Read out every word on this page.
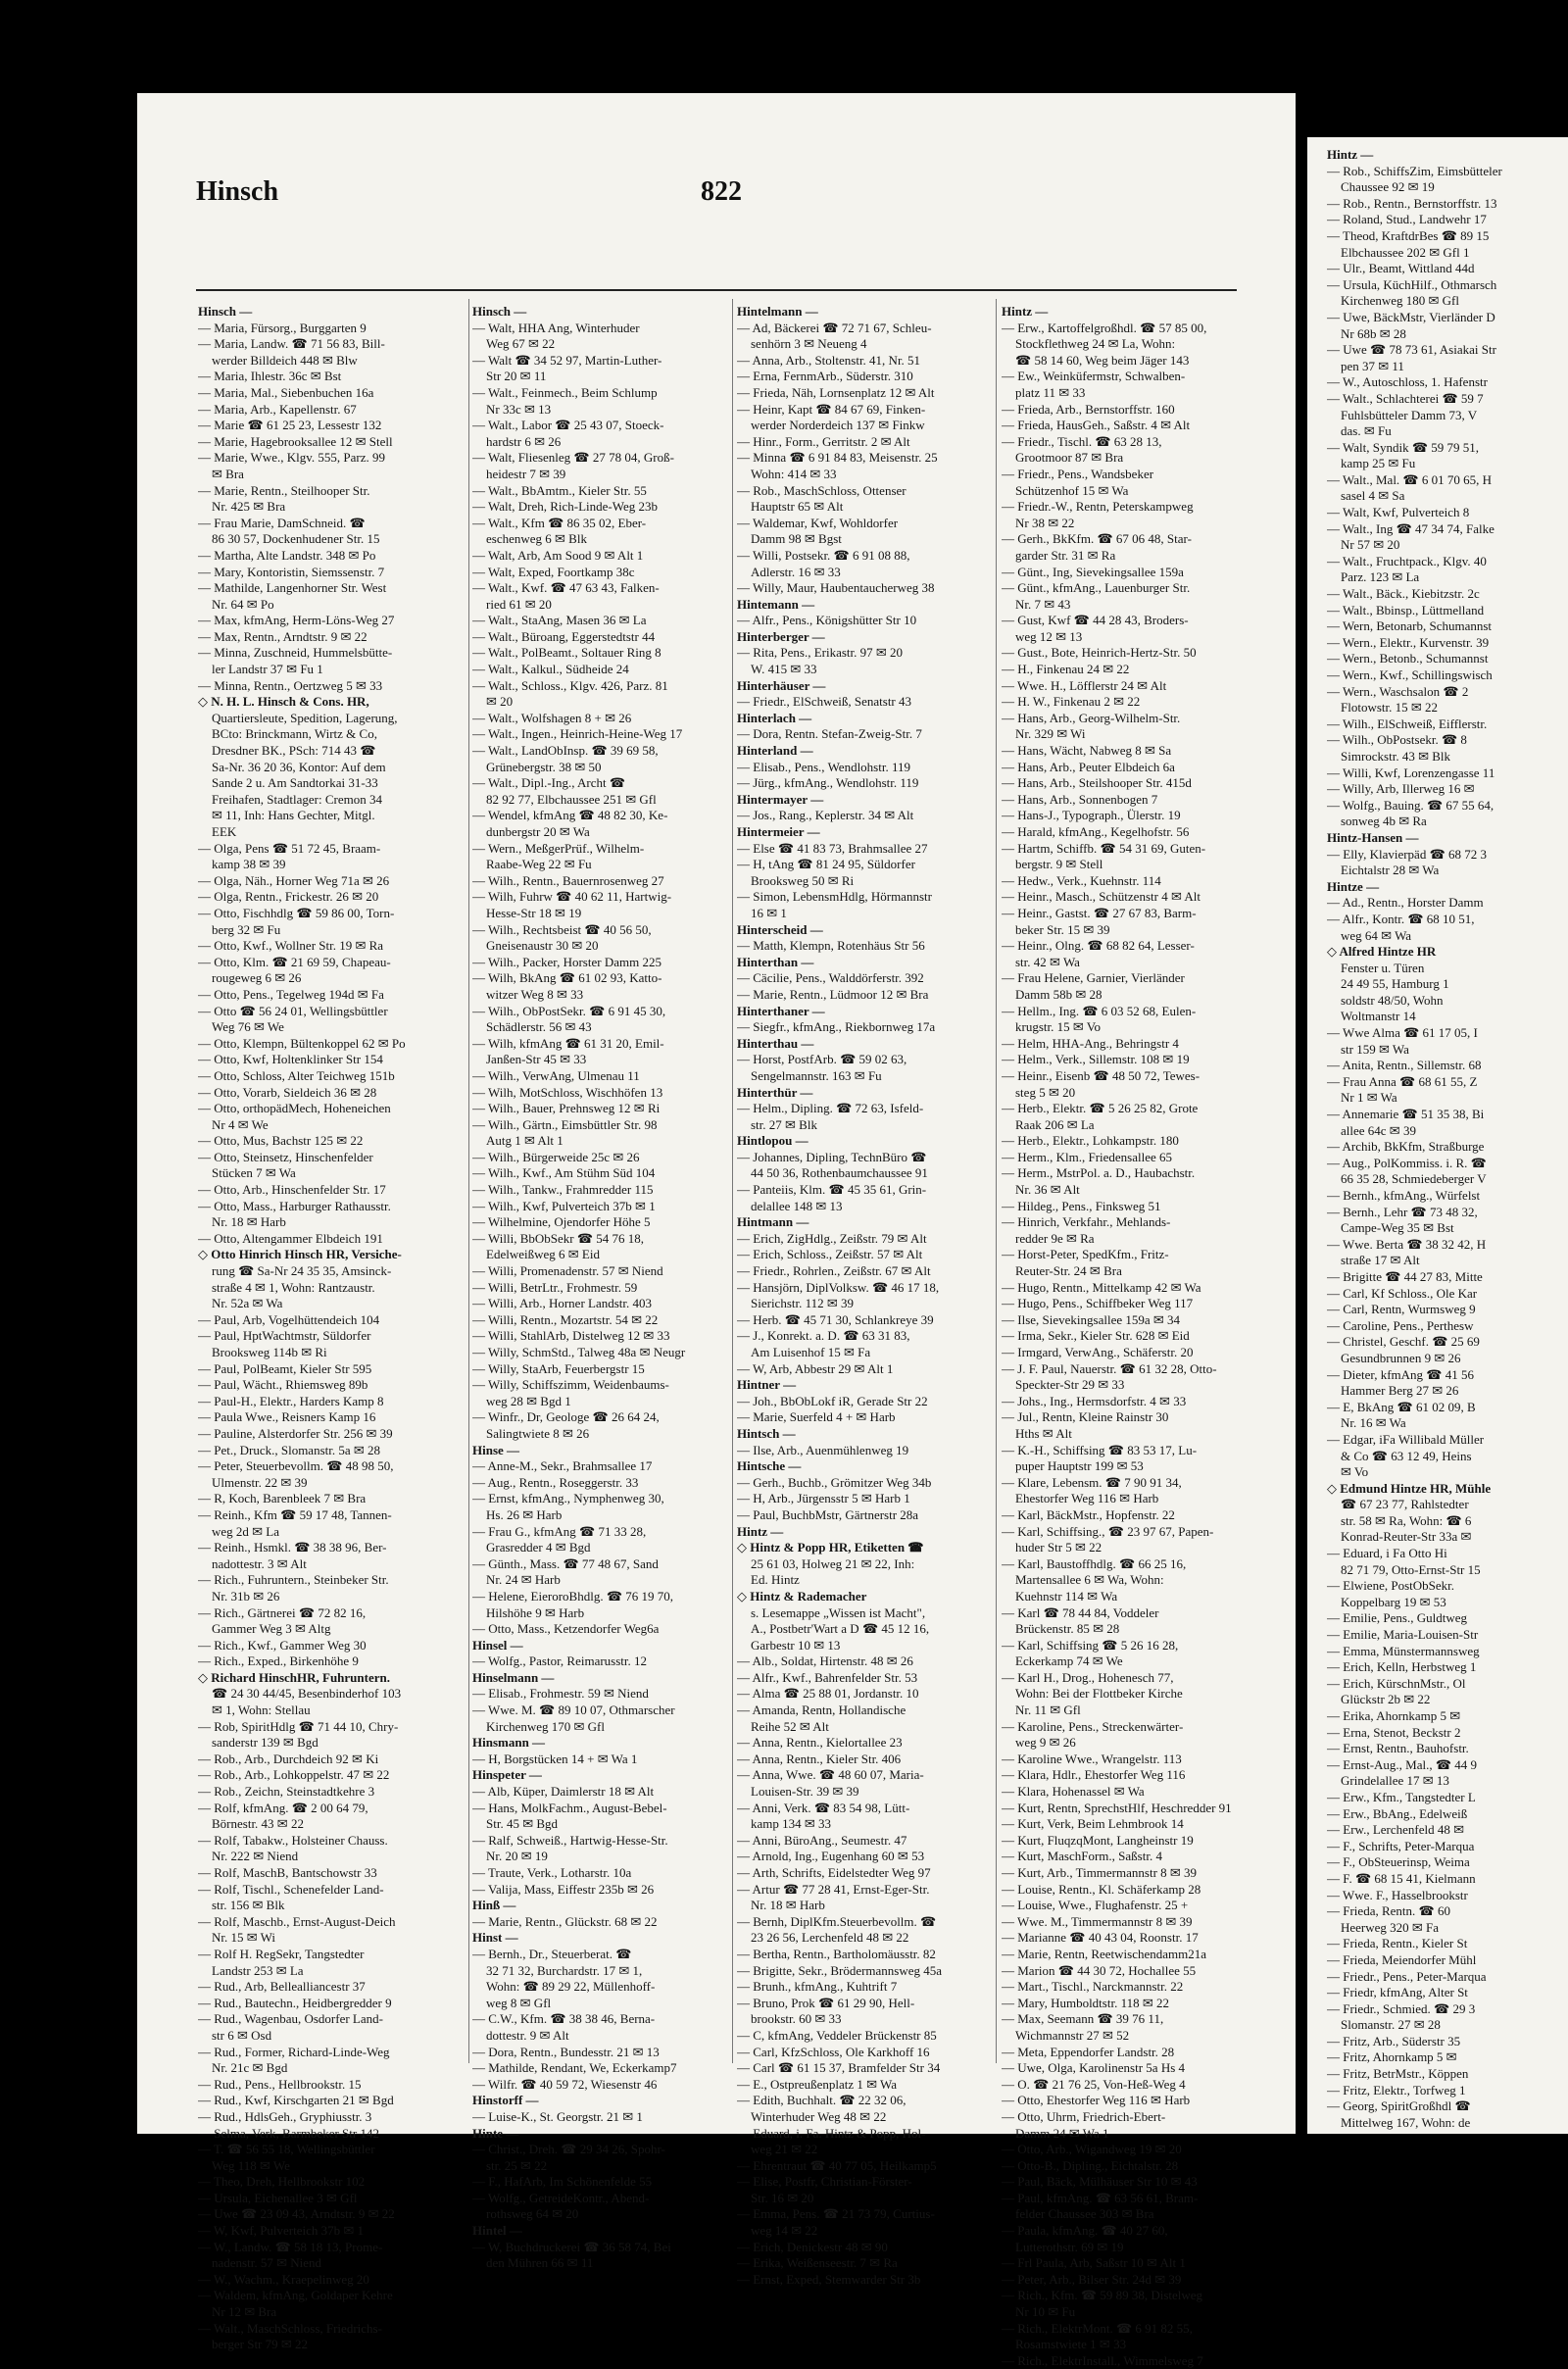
Hinsch	822
Hinsch —
— Maria, Fürsorg., Burggarten 9
— Maria, Landw. ☎ 71 56 83, Bill-
werder Billdeich 448 ✉ Blw
— Maria, Ihlestr. 36c ✉ Bst
— Maria, Mal., Siebenbuchen 16a
— Maria, Arb., Kapellenstr. 67
— Marie ☎ 61 25 23, Lessestr 132
— Marie, Hagebrooksallee 12 ✉ Stell
— Marie, Wwe., Klgv. 555, Parz. 99
✉ Bra
— Marie, Rentn., Steilhooper Str.
Nr. 425 ✉ Bra
— Frau Marie, DamSchneid. ☎
86 30 57, Dockenhudener Str. 15
— Martha, Alte Landstr. 348 ✉ Po
— Mary, Kontoristin, Siemssenstr. 7
— Mathilde, Langenhorner Str. West
Nr. 64 ✉ Po
— Max, kfmAng, Herm-Löns-Weg 27
— Max, Rentn., Arndtstr. 9 ✉ 22
— Minna, Zuschneid, Hummelsbütte-
ler Landstr 37 ✉ Fu 1
— Minna, Rentn., Oertzweg 5 ✉ 33
◇ N. H. L. Hinsch & Cons. HR,
Quartiersleute, Spedition, Lagerung,
BCto: Brinckmann, Wirtz & Co,
Dresdner BK., PSch: 714 43 ☎
Sa-Nr. 36 20 36, Kontor: Auf dem
Sande 2 u. Am Sandtorkai 31-33
Freihafen, Stadtlager: Cremon 34
✉ 11, Inh: Hans Gechter, Mitgl.
EEK
— Olga, Pens ☎ 51 72 45, Braam-
kamp 38 ✉ 39
— Olga, Näh., Horner Weg 71a ✉ 26
— Olga, Rentn., Frickestr. 26 ✉ 20
— Otto, Fischhdlg ☎ 59 86 00, Torn-
berg 32 ✉ Fu
— Otto, Kwf., Wollner Str. 19 ✉ Ra
— Otto, Klm. ☎ 21 69 59, Chapeau-
rougeweg 6 ✉ 26
— Otto, Pens., Tegelweg 194d ✉ Fa
— Otto ☎ 56 24 01, Wellingsbüttler
Weg 76 ✉ We
— Otto, Klempn, Bültenkoppel 62 ✉ Po
— Otto, Kwf, Holtenklinker Str 154
— Otto, Schloss, Alter Teichweg 151b
— Otto, Vorarb, Sieldeich 36 ✉ 28
— Otto, orthopädMech, Hoheneichen
Nr 4 ✉ We
— Otto, Mus, Bachstr 125 ✉ 22
— Otto, Steinsetz, Hinschenfelder
Stücken 7 ✉ Wa
— Otto, Arb., Hinschenfelder Str. 17
— Otto, Mass., Harburger Rathausstr.
Nr. 18 ✉ Harb
— Otto, Altengammer Elbdeich 191
◇ Otto Hinrich Hinsch HR, Versiche-
rung ☎ Sa-Nr 24 35 35, Amsinck-
straße 4 ✉ 1, Wohn: Rantzaustr.
Nr. 52a ✉ Wa
— Paul, Arb, Vogelhüttendeich 104
— Paul, HptWachtmstr, Süldorfer
Brooksweg 114b ✉ Ri
— Paul, PolBeamt, Kieler Str 595
— Paul, Wächt., Rhiemsweg 89b
— Paul-H., Elektr., Harders Kamp 8
— Paula Wwe., Reisners Kamp 16
— Pauline, Alsterdorfer Str. 256 ✉ 39
— Pet., Druck., Slomanstr. 5a ✉ 28
— Peter, Steuerbevollm. ☎ 48 98 50,
Ulmenstr. 22 ✉ 39
— R, Koch, Barenbleek 7 ✉ Bra
— Reinh., Kfm ☎ 59 17 48, Tannen-
weg 2d ✉ La
— Reinh., Hsmkl. ☎ 38 38 96, Ber-
nadottestr. 3 ✉ Alt
— Rich., Fuhruntern., Steinbeker Str.
Nr. 31b ✉ 26
— Rich., Gärtnerei ☎ 72 82 16,
Gammer Weg 3 ✉ Altg
— Rich., Kwf., Gammer Weg 30
— Rich., Exped., Birkenhöhe 9
◇ Richard HinschHR, Fuhruntern.
☎ 24 30 44/45, Besenbinderhof 103
✉ 1, Wohn: Stellau
— Rob, SpiritHdlg ☎ 71 44 10, Chry-
sanderstr 139 ✉ Bgd
— Rob., Arb., Durchdeich 92 ✉ Ki
— Rob., Arb., Lohkoppelstr. 47 ✉ 22
— Rob., Zeichn, Steinstadtkehre 3
— Rolf, kfmAng. ☎ 2 00 64 79,
Börnestr. 43 ✉ 22
— Rolf, Tabakw., Holsteiner Chauss.
Nr. 222 ✉ Niend
— Rolf, MaschB, Bantschowstr 33
— Rolf, Tischl., Schenefelder Land-
str. 156 ✉ Blk
— Rolf, Maschb., Ernst-August-Deich
Nr. 15 ✉ Wi
— Rolf H. RegSekr, Tangstedter
Landstr 253 ✉ La
— Rud., Arb, Bellealliancestr 37
— Rud., Bautechn., Heidbergredder 9
— Rud., Wagenbau, Osdorfer Land-
str 6 ✉ Osd
— Rud., Former, Richard-Linde-Weg
Nr. 21c ✉ Bgd
— Rud., Pens., Hellbrookstr. 15
— Rud., Kwf, Kirschgarten 21 ✉ Bgd
— Rud., HdlsGeh., Gryphiusstr. 3
— Selma, Verk, Barmbeker Str 142
— T. ☎ 56 55 18, Wellingsbüttler
Weg 118 ✉ We
— Theo, Dreh, Hellbrookstr 102
— Ursula, Eichenallee 3 ✉ Gfl
— Uwe ☎ 23 09 43, Arndtstr. 9 ✉ 22
— W, Kwf, Pulverteich 37b ✉ 1
— W., Landw. ☎ 58 18 13, Prome-
nadenstr. 57 ✉ Niend
— W., Wachm., Kraepelinweg 20
— Waldem, kfmAng, Goldaper Kehre
Nr 12 ✉ Bra
— Walt., MaschSchloss, Friedrichs-
berger Str 79 ✉ 22
Hinsch —
— Walt, HHA Ang, Winterhuder
Weg 67 ✉ 22
— Walt ☎ 34 52 97, Martin-Luther-
Str 20 ✉ 11
— Walt., Feinmech., Beim Schlump
Nr 33c ✉ 13
— Walt., Labor ☎ 25 43 07, Stoeck-
hardstr 6 ✉ 26
— Walt, Fliesenleg ☎ 27 78 04, Groß-
heidestr 7 ✉ 39
— Walt., BbAmtm., Kieler Str. 55
— Walt, Dreh, Rich-Linde-Weg 23b
— Walt., Kfm ☎ 86 35 02, Eber-
eschenweg 6 ✉ Blk
— Walt, Arb, Am Sood 9 ✉ Alt 1
— Walt, Exped, Foortkamp 38c
— Walt., Kwf. ☎ 47 63 43, Falken-
ried 61 ✉ 20
— Walt., StaAng, Masen 36 ✉ La
— Walt., Büroang, Eggerstedtstr 44
— Walt., PolBeamt., Soltauer Ring 8
— Walt., Kalkul., Südheide 24
— Walt., Schloss., Klgv. 426, Parz. 81
✉ 20
— Walt., Wolfshagen 8 + ✉ 26
— Walt., Ingen., Heinrich-Heine-Weg 17
— Walt., LandObInsp. ☎ 39 69 58,
Grünebergstr. 38 ✉ 50
— Walt., Dipl.-Ing., Archt ☎
82 92 77, Elbchaussee 251 ✉ Gfl
— Wendel, kfmAng ☎ 48 82 30, Ke-
dunbergstr 20 ✉ Wa
— Wern., MeßgerPrüf., Wilhelm-
Raabe-Weg 22 ✉ Fu
— Wilh., Rentn., Bauernrosenweg 27
— Wilh, Fuhrw ☎ 40 62 11, Hartwig-
Hesse-Str 18 ✉ 19
— Wilh., Rechtsbeist ☎ 40 56 50,
Gneisenaustr 30 ✉ 20
— Wilh., Packer, Horster Damm 225
— Wilh, BkAng ☎ 61 02 93, Katto-
witzer Weg 8 ✉ 33
— Wilh., ObPostSekr. ☎ 6 91 45 30,
Schädlerstr. 56 ✉ 43
— Wilh, kfmAng ☎ 61 31 20, Emil-
Janßen-Str 45 ✉ 33
— Wilh., VerwAng, Ulmenau 11
— Wilh, MotSchloss, Wischhöfen 13
— Wilh., Bauer, Prehnsweg 12 ✉ Ri
— Wilh., Gärtn., Eimsbüttler Str. 98
Autg 1 ✉ Alt 1
— Wilh., Bürgerweide 25c ✉ 26
— Wilh., Kwf., Am Stühm Süd 104
— Wilh., Tankw., Frahmredder 115
— Wilh., Kwf, Pulverteich 37b ✉ 1
— Wilhelmine, Ojendorfer Höhe 5
— Willi, BbObSekr ☎ 54 76 18,
Edelweißweg 6 ✉ Eid
— Willi, Promenadenstr. 57 ✉ Niend
— Willi, BetrLtr., Frohmestr. 59
— Willi, Arb., Horner Landstr. 403
— Willi, Rentn., Mozartstr. 54 ✉ 22
— Willi, StahlArb, Distelweg 12 ✉ 33
— Willy, SchmStd., Talweg 48a ✉ Neugr
— Willy, StaArb, Feuerbergstr 15
— Willy, Schiffszimm, Weidenbaums-
weg 28 ✉ Bgd 1
— Winfr., Dr, Geologe ☎ 26 64 24,
Salingtwiete 8 ✉ 26
Hinse —
— Anne-M., Sekr., Brahmsallee 17
— Aug., Rentn., Roseggerstr. 33
— Ernst, kfmAng., Nymphenweg 30,
Hs. 26 ✉ Harb
— Frau G., kfmAng ☎ 71 33 28,
Grasredder 4 ✉ Bgd
— Günth., Mass. ☎ 77 48 67, Sand
Nr. 24 ✉ Harb
— Helene, EieroroBhdlg. ☎ 76 19 70,
Hilshöhe 9 ✉ Harb
— Otto, Mass., Ketzendorfer Weg6a
Hinsel —
— Wolfg., Pastor, Reimarusstr. 12
Hinselmann —
— Elisab., Frohmestr. 59 ✉ Niend
— Wwe. M. ☎ 89 10 07, Othmarscher
Kirchenweg 170 ✉ Gfl
Hinsmann —
— H, Borgstücken 14 + ✉ Wa 1
Hinspeter —
— Alb, Küper, Daimlerstr 18 ✉ Alt
— Hans, MolkFachm., August-Bebel-
Str. 45 ✉ Bgd
— Ralf, Schweiß., Hartwig-Hesse-Str.
Nr. 20 ✉ 19
— Traute, Verk., Lotharstr. 10a
— Valija, Mass, Eiffestr 235b ✉ 26
Hinß —
— Marie, Rentn., Glückstr. 68 ✉ 22
Hinst —
— Bernh., Dr., Steuerberat. ☎
32 71 32, Burchardstr. 17 ✉ 1,
Wohn: ☎ 89 29 22, Müllenhoff-
weg 8 ✉ Gfl
— C.W., Kfm. ☎ 38 38 46, Berna-
dottestr. 9 ✉ Alt
— Dora, Rentn., Bundesstr. 21 ✉ 13
— Mathilde, Rendant, We, Eckerkamp7
— Wilfr. ☎ 40 59 72, Wiesenstr 46
Hinstorff —
— Luise-K., St. Georgstr. 21 ✉ 1
Hinte —
— Christ., Dreh. ☎ 29 34 26, Spohr-
str. 25 ✉ 22
— F., HafArb, Im Schönenfelde 55
— Wolfg., GetreideKontr., Abend-
rothsweg 64 ✉ 20
Hintel —
— W, Buchdruckerei ☎ 36 58 74, Bei
den Mühren 66 ✉ 11
Hintelmann —
— Ad, Bäckerei ☎ 72 71 67, Schleu-
senhörn 3 ✉ Neueng 4
— Anna, Arb., Stoltenstr. 41, Nr. 51
— Erna, FernmArb., Süderstr. 310
— Frieda, Näh, Lornsenplatz 12 ✉ Alt
— Heinr, Kapt ☎ 84 67 69, Finken-
werder Norderdeich 137 ✉ Finkw
— Hinr., Form., Gerritstr. 2 ✉ Alt
— Minna ☎ 6 91 84 83, Meisenstr. 25
Wohn: 414 ✉ 33
— Rob., MaschSchloss, Ottenser
Hauptstr 65 ✉ Alt
— Waldemar, Kwf, Wohldorfer
Damm 98 ✉ Bgst
— Willi, Postsekr. ☎ 6 91 08 88,
Adlerstr. 16 ✉ 33
— Willy, Maur, Haubentaucherweg 38
Hintemann —
— Alfr., Pens., Königshütter Str 10
Hinterberger —
— Rita, Pens., Erikastr. 97 ✉ 20
W. 415 ✉ 33
Hinterhäuser —
— Friedr., ElSchweiß, Senatstr 43
Hinterlach —
— Dora, Rentn. Stefan-Zweig-Str. 7
Hinterland —
— Elisab., Pens., Wendlohstr. 119
— Jürg., kfmAng., Wendlohstr. 119
Hintermayer —
— Jos., Rang., Keplerstr. 34 ✉ Alt
Hintermeier —
— Else ☎ 41 83 73, Brahmsallee 27
— H, tAng ☎ 81 24 95, Süldorfer
Brooksweg 50 ✉ Ri
— Simon, LebensmHdlg, Hörmannstr
16 ✉ 1
Hinterscheid —
— Matth, Klempn, Rotenhäus Str 56
Hinterthan —
— Cäcilie, Pens., Walddörferstr. 392
— Marie, Rentn., Lüdmoor 12 ✉ Bra
Hinterthaner —
— Siegfr., kfmAng., Riekbornweg 17a
Hinterthau —
— Horst, PostfArb. ☎ 59 02 63,
Sengelmannstr. 163 ✉ Fu
Hinterthür —
— Helm., Dipling. ☎ 72 63, Isfeld-
str. 27 ✉ Blk
Hintlopou —
— Johannes, Dipling, TechnBüro ☎
44 50 36, Rothenbaumchaussee 91
— Panteiis, Klm. ☎ 45 35 61, Grin-
delallee 148 ✉ 13
Hintmann —
— Erich, ZigHdlg., Zeißstr. 79 ✉ Alt
— Erich, Schloss., Zeißstr. 57 ✉ Alt
— Friedr., Rohrlen., Zeißstr. 67 ✉ Alt
— Hansjörn, DiplVolksw. ☎ 46 17 18,
Sierichstr. 112 ✉ 39
— Herb. ☎ 45 71 30, Schlankreye 39
— J., Konrekt. a. D. ☎ 63 31 83,
Am Luisenhof 15 ✉ Fa
— W, Arb, Abbestr 29 ✉ Alt 1
Hintner —
— Joh., BbObLokf iR, Gerade Str 22
— Marie, Suerfeld 4 + ✉ Harb
Hintsch —
— Ilse, Arb., Auenmühlenweg 19
Hintsche —
— Gerh., Buchb., Grömitzer Weg 34b
— H, Arb., Jürgensstr 5 ✉ Harb 1
— Paul, BuchbMstr, Gärtnerstr 28a
Hintz —
◇ Hintz & Popp HR, Etiketten ☎
25 61 03, Holweg 21 ✉ 22, Inh:
Ed. Hintz
◇ Hintz & Rademacher
s. Lesemappe „Wissen ist Macht",
A., Postbetr'Wart a D ☎ 45 12 16,
Garbestr 10 ✉ 13
— Alb., Soldat, Hirtenstr. 48 ✉ 26
— Alfr., Kwf., Bahrenfelder Str. 53
— Alma ☎ 25 88 01, Jordanstr. 10
— Amanda, Rentn, Hollandische
Reihe 52 ✉ Alt
— Anna, Rentn., Kielortallee 23
— Anna, Rentn., Kieler Str. 406
— Anna, Wwe. ☎ 48 60 07, Maria-
Louisen-Str. 39 ✉ 39
— Anni, Verk. ☎ 83 54 98, Lütt-
kamp 134 ✉ 33
— Anni, BüroAng., Seumestr. 47
— Arnold, Ing., Eugenhang 60 ✉ 53
— Arth, Schrifts, Eidelstedter Weg 97
— Artur ☎ 77 28 41, Ernst-Eger-Str.
Nr. 18 ✉ Harb
— Bernh, DiplKfm.Steuerbevollm. ☎
23 26 56, Lerchenfeld 48 ✉ 22
— Bertha, Rentn., Bartholomäusstr. 82
— Brigitte, Sekr., Brödermannsweg 45a
— Brunh., kfmAng., Kuhtrift 7
— Bruno, Prok ☎ 61 29 90, Hell-
brookstr. 60 ✉ 33
— C, kfmAng, Veddeler Brückenstr 85
— Carl, KfzSchloss, Ole Karkhoff 16
— Carl ☎ 61 15 37, Bramfelder Str 34
— E., Ostpreußenplatz 1 ✉ Wa
— Edith, Buchhalt. ☎ 22 32 06,
Winterhuder Weg 48 ✉ 22
— Eduard, i. Fa. Hintz & Popp, Hol-
weg 21 ✉ 22
— Ehrentraut ☎ 40 77 05, Heilkamp5
— Elise, Postfr, Christian-Förster-
Str. 16 ✉ 20
— Emma, Pens. ☎ 21 73 79, Curtius-
weg 14 ✉ 22
— Erich, Denickestr 48 ✉ 90
— Erika, Weißenseestr. 7 ✉ Ra
— Ernst, Exped, Stemwarder Str 3b
Hintz —
— Erw., Kartoffelgroßhdl. ☎ 57 85 00,
Stockflethweg 24 ✉ La, Wohn:
☎ 58 14 60, Weg beim Jäger 143
— Ew., Weinküfermstr, Schwalben-
platz 11 ✉ 33
— Frieda, Arb., Bernstorffstr. 160
— Frieda, HausGeh., Saßstr. 4 ✉ Alt
— Friedr., Tischl. ☎ 63 28 13,
Grootmoor 87 ✉ Bra
— Friedr., Pens., Wandsbeker
Schützenhof 15 ✉ Wa
— Friedr.-W., Rentn, Peterskampweg
Nr 38 ✉ 22
— Gerh., BkKfm. ☎ 67 06 48, Star-
garder Str. 31 ✉ Ra
— Günt., Ing, Sievekingsallee 159a
— Günt., kfmAng., Lauenburger Str.
Nr. 7 ✉ 43
— Gust, Kwf ☎ 44 28 43, Broders-
weg 12 ✉ 13
— Gust., Bote, Heinrich-Hertz-Str. 50
— H., Finkenau 24 ✉ 22
— Wwe. H., Löfflerstr 24 ✉ Alt
— H. W., Finkenau 2 ✉ 22
— Hans, Arb., Georg-Wilhelm-Str.
Nr. 329 ✉ Wi
— Hans, Wächt, Nabweg 8 ✉ Sa
— Hans, Arb., Peuter Elbdeich 6a
— Hans, Arb., Steilshooper Str. 415d
— Hans, Arb., Sonnenbogen 7
— Hans-J., Typograph., Ülerstr. 19
— Harald, kfmAng., Kegelhofstr. 56
— Hartm, Schiffb. ☎ 54 31 69, Guten-
bergstr. 9 ✉ Stell
— Hedw., Verk., Kuehnstr. 114
— Heinr., Masch., Schützenstr 4 ✉ Alt
— Heinr., Gastst. ☎ 27 67 83, Barm-
beker Str. 15 ✉ 39
— Heinr., Olng. ☎ 68 82 64, Lesser-
str. 42 ✉ Wa
— Frau Helene, Garnier, Vierländer
Damm 58b ✉ 28
— Hellm., Ing. ☎ 6 03 52 68, Eulen-
krugstr. 15 ✉ Vo
— Helm, HHA-Ang., Behringstr 4
— Helm., Verk., Sillemstr. 108 ✉ 19
— Heinr., Eisenb ☎ 48 50 72, Tewes-
steg 5 ✉ 20
— Herb., Elektr. ☎ 5 26 25 82, Grote
Raak 206 ✉ La
— Herb., Elektr., Lohkampstr. 180
— Herm., Klm., Friedensallee 65
— Herm., MstrPol. a. D., Haubachstr.
Nr. 36 ✉ Alt
— Hildeg., Pens., Finksweg 51
— Hinrich, Verkfahr., Mehlands-
redder 9e ✉ Ra
— Horst-Peter, SpedKfm., Fritz-
Reuter-Str. 24 ✉ Bra
— Hugo, Rentn., Mittelkamp 42 ✉ Wa
— Hugo, Pens., Schiffbeker Weg 117
— Ilse, Sievekingsallee 159a ✉ 34
— Irma, Sekr., Kieler Str. 628 ✉ Eid
— Irmgard, VerwAng., Schäferstr. 20
— J. F. Paul, Nauerstr. ☎ 61 32 28, Otto-
Speckter-Str 29 ✉ 33
— Johs., Ing., Hermsdorfstr. 4 ✉ 33
— Jul., Rentn, Kleine Rainstr 30
Hths ✉ Alt
— K.-H., Schiffsing ☎ 83 53 17, Lu-
puper Hauptstr 199 ✉ 53
— Klare, Lebensm. ☎ 7 90 91 34,
Ehestorfer Weg 116 ✉ Harb
— Karl, BäckMstr., Hopfenstr. 22
— Karl, Schiffsing., ☎ 23 97 67, Papen-
huder Str 5 ✉ 22
— Karl, Baustoffhdlg. ☎ 66 25 16,
Martensallee 6 ✉ Wa, Wohn:
Kuehnstr 114 ✉ Wa
— Karl ☎ 78 44 84, Voddeler
Brückenstr. 85 ✉ 28
— Karl, Schiffsing ☎ 5 26 16 28,
Eckerkamp 74 ✉ We
— Karl H., Drog., Hohenesch 77,
Wohn: Bei der Flottbeker Kirche
Nr. 11 ✉ Gfl
— Karoline, Pens., Streckenwärter-
weg 9 ✉ 26
— Karoline Wwe., Wrangelstr. 113
— Klara, Hdlr., Ehestorfer Weg 116
— Klara, Hohenassel ✉ Wa
— Kurt, Rentn, SprechstHlf, Heschredder 91
— Kurt, Verk, Beim Lehmbrook 14
— Kurt, FluqzqMont, Langheinstr 19
— Kurt, MaschForm., Saßstr. 4
— Kurt, Arb., Timmermannstr 8 ✉ 39
— Louise, Rentn., Kl. Schäferkamp 28
— Louise, Wwe., Flughafenstr. 25 +
— Wwe. M., Timmermannstr 8 ✉ 39
— Marianne ☎ 40 43 04, Roonstr. 17
— Marie, Rentn, Reetwischendamm21a
— Marion ☎ 44 30 72, Hochallee 55
— Mart., Tischl., Narckmannstr. 22
— Mary, Humboldtstr. 118 ✉ 22
— Max, Seemann ☎ 39 76 11,
Wichmannstr 27 ✉ 52
— Meta, Eppendorfer Landstr. 28
— Uwe, Olga, Karolinenstr 5a Hs 4
— O. ☎ 21 76 25, Von-Heß-Weg 4
— Otto, Ehestorfer Weg 116 ✉ Harb
— Otto, Uhrm, Friedrich-Ebert-
Damm 24 ✉ Wa 1
— Otto, Arb., Wigandweg 19 ✉ 20
— Otto-B., Dipling., Eichtalstr. 28
— Paul, Bäck, Mülhäuser Str 10 ✉ 43
— Paul, kfmAng. ☎ 63 56 61, Bram-
felder Chaussee 303 ✉ Bra
— Paula, kfmAng. ☎ 40 27 60,
Lutterothstr. 69 ✉ 19
— Frl Paula, Arb, Saßstr 10 ✉ Alt 1
— Peter, Arb., Bilser Str. 24d ✉ 39
— Rich., Kfm. ☎ 59 89 38, Distelweg
Nr 10 ✉ Fu
— Rich., ElektrMont. ☎ 6 91 82 55,
Rosamstwiete 1 ✉ 33
— Rich., ElektrInstall., Wimmelsweg 7
Hintz —
— Rob., SchiffsZim, Eimsbütteler
Chaussee 92 ✉ 19
— Rob., Rentn., Bernstorffstr. 13
— Roland, Stud., Landwehr 17
— Theod, KraftdrBes ☎ 89 15
Elbchaussee 202 ✉ Gfl 1
— Ulr., Beamt, Wittland 44d
— Ursula, KüchHilf., Othmarsch
Kirchenweg 180 ✉ Gfl
— Uwe, BäckMstr, Vierländer D
Nr 68b ✉ 28
— Uwe ☎ 78 73 61, Asiakai Str
pen 37 ✉ 11
— W., Autoschloss, 1. Hafenstr
— Walt., Schlachterei ☎ 59 7
Fuhlsbütteler Damm 73, V
das. ✉ Fu
— Walt, Syndik ☎ 59 79 51,
kamp 25 ✉ Fu
— Walt., Mal. ☎ 6 01 70 65, H
sasel 4 ✉ Sa
— Walt, Kwf, Pulverteich 8
— Walt., Ing ☎ 47 34 74, Falke
Nr 57 ✉ 20
— Walt., Fruchtpack., Klgv. 40
Parz. 123 ✉ La
— Walt., Bäck., Kiebitzstr. 2c
— Walt., Bbinsp., Lüttmelland
— Wern, Betonarb, Schumannst
— Wern., Elektr., Kurvenstr. 39
— Wern., Betonb., Schumannst
— Wern., Kwf., Schillingswisch
— Wern., Waschsalon ☎ 2
Flotowstr. 15 ✉ 22
— Wilh., ElSchweiß, Eifflerstr.
— Wilh., ObPostsekr. ☎ 8
Simrockstr. 43 ✉ Blk
— Willi, Kwf, Lorenzengasse 11
— Willy, Arb, Illerweg 16 ✉
— Wolfg., Bauing. ☎ 67 55 64,
sonweg 4b ✉ Ra
Hintz-Hansen —
— Elly, Klavierpäd ☎ 68 72 3
Eichtalstr 28 ✉ Wa
Hintze —
— Ad., Rentn., Horster Damm
— Alfr., Kontr. ☎ 68 10 51,
weg 64 ✉ Wa
◇ Alfred Hintze HR
Fenster u. Türen
24 49 55, Hamburg 1
soldstr 48/50, Wohn
Woltmanstr 14
— Wwe Alma ☎ 61 17 05, I
str 159 ✉ Wa
— Anita, Rentn., Sillemstr. 68
— Frau Anna ☎ 68 61 55, Z
Nr 1 ✉ Wa
— Annemarie ☎ 51 35 38, Bi
allee 64c ✉ 39
— Archib, BkKfm, Straßburge
— Aug., PolKommiss. i. R. ☎
66 35 28, Schmiedeberger V
— Bernh., kfmAng., Würfelst
— Bernh., Lehr ☎ 73 48 32,
Campe-Weg 35 ✉ Bst
— Wwe. Berta ☎ 38 32 42, H
straße 17 ✉ Alt
— Brigitte ☎ 44 27 83, Mitte
— Carl, Kf Schloss., Ole Kar
— Carl, Rentn, Wurmsweg 9
— Caroline, Pens., Perthesw
— Christel, Geschf. ☎ 25 69
Gesundbrunnen 9 ✉ 26
— Dieter, kfmAng ☎ 41 56
Hammer Berg 27 ✉ 26
— E, BkAng ☎ 61 02 09, B
Nr. 16 ✉ Wa
— Edgar, iFa Willibald Müller
& Co ☎ 63 12 49, Heins
✉ Vo
◇ Edmund Hintze HR, Mühle
☎ 67 23 77, Rahlstedter
str. 58 ✉ Ra, Wohn: ☎ 6
Konrad-Reuter-Str 33a ✉
— Eduard, i Fa Otto Hi
82 71 79, Otto-Ernst-Str 15
— Elwiene, PostObSekr.
Koppelbarg 19 ✉ 53
— Emilie, Pens., Guldtweg
— Emilie, Maria-Louisen-Str
— Emma, Münstermannsweg
— Erich, Kelln, Herbstweg 1
— Erich, KürschnMstr., Ol
Glückstr 2b ✉ 22
— Erika, Ahornkamp 5 ✉
— Erna, Stenot, Beckstr 2
— Ernst, Rentn., Bauhofstr.
— Ernst-Aug., Mal., ☎ 44 9
Grindelallee 17 ✉ 13
— Erw., Kfm., Tangstedter L
— Erw., BbAng., Edelweiß
— Erw., Lerchenfeld 48 ✉
— F., Schrifts, Peter-Marqua
— F., ObSteuerinsp, Weima
— F. ☎ 68 15 41, Kielmann
— Wwe. F., Hasselbrookstr
— Frieda, Rentn. ☎ 60
Heerweg 320 ✉ Fa
— Frieda, Rentn., Kieler St
— Frieda, Meiendorfer Mühl
— Friedr., Pens., Peter-Marqua
— Friedr, kfmAng, Alter St
— Friedr., Schmied. ☎ 29 3
Slomanstr. 27 ✉ 28
— Fritz, Arb., Süderstr 35
— Fritz, Ahornkamp 5 ✉
— Fritz, BetrMstr., Köppen
— Fritz, Elektr., Torfweg 1
— Georg, SpiritGroßhdl ☎
Mittelweg 167, Wohn: de
